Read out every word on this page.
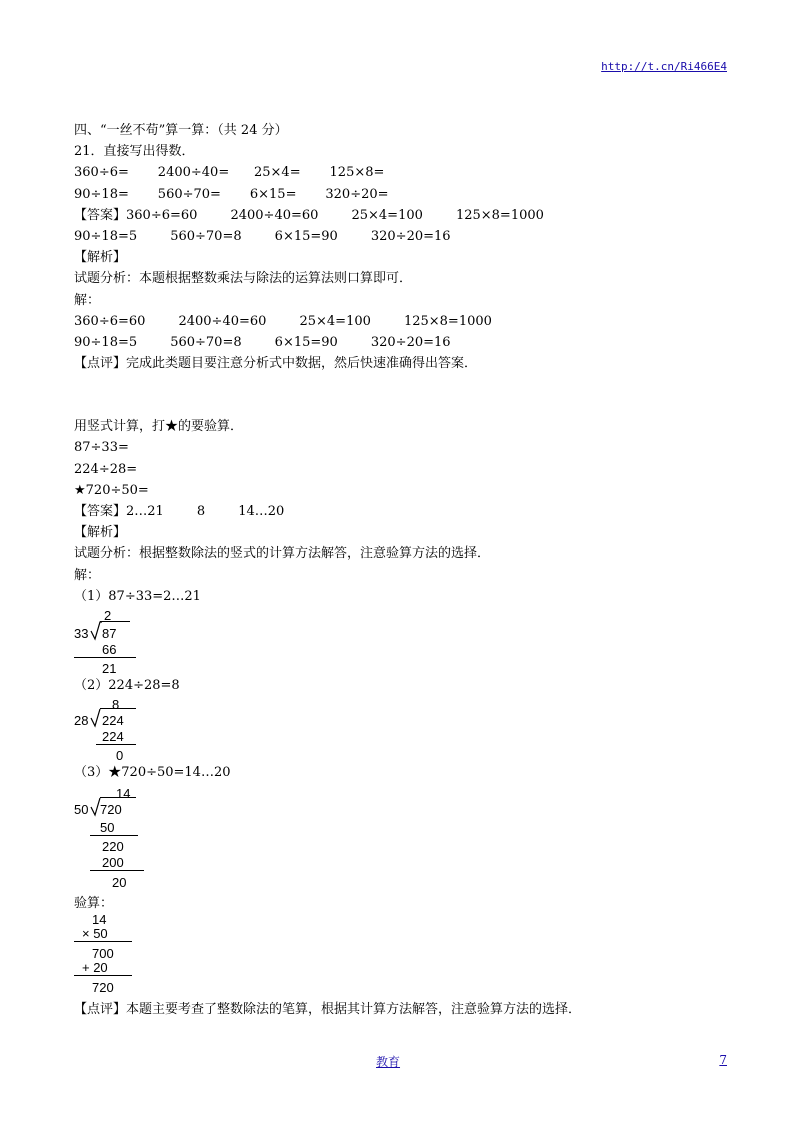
http://t.cn/Ri466E4
四、“一丝不苟”算一算：（共 24 分）
21．直接写出得数．
360÷6=       2400÷40=      25×4=       125×8=
90÷18=       560÷70=       6×15=       320÷20=
【答案】360÷6=60        2400÷40=60        25×4=100        125×8=1000
90÷18=5        560÷70=8        6×15=90        320÷20=16
【解析】
试题分析：本题根据整数乘法与除法的运算法则口算即可．
解：
360÷6=60        2400÷40=60        25×4=100        125×8=1000
90÷18=5        560÷70=8        6×15=90        320÷20=16
【点评】完成此类题目要注意分析式中数据，然后快速准确得出答案．
用竖式计算，打★的要验算．
87÷33=
224÷28=
★720÷50=
【答案】2…21        8        14…20
【解析】
试题分析：根据整数除法的竖式的计算方法解答，注意验算方法的选择．
解：
（1）87÷33=2…21
2
33 87
66
21
（2）224÷28=8
8
28 224
224
0
（3）★720÷50=14…20
14
50 720
50
220
200
20
验算：
14
× 50
700
+ 20
720
【点评】本题主要考查了整数除法的笔算，根据其计算方法解答，注意验算方法的选择．
教育	7
